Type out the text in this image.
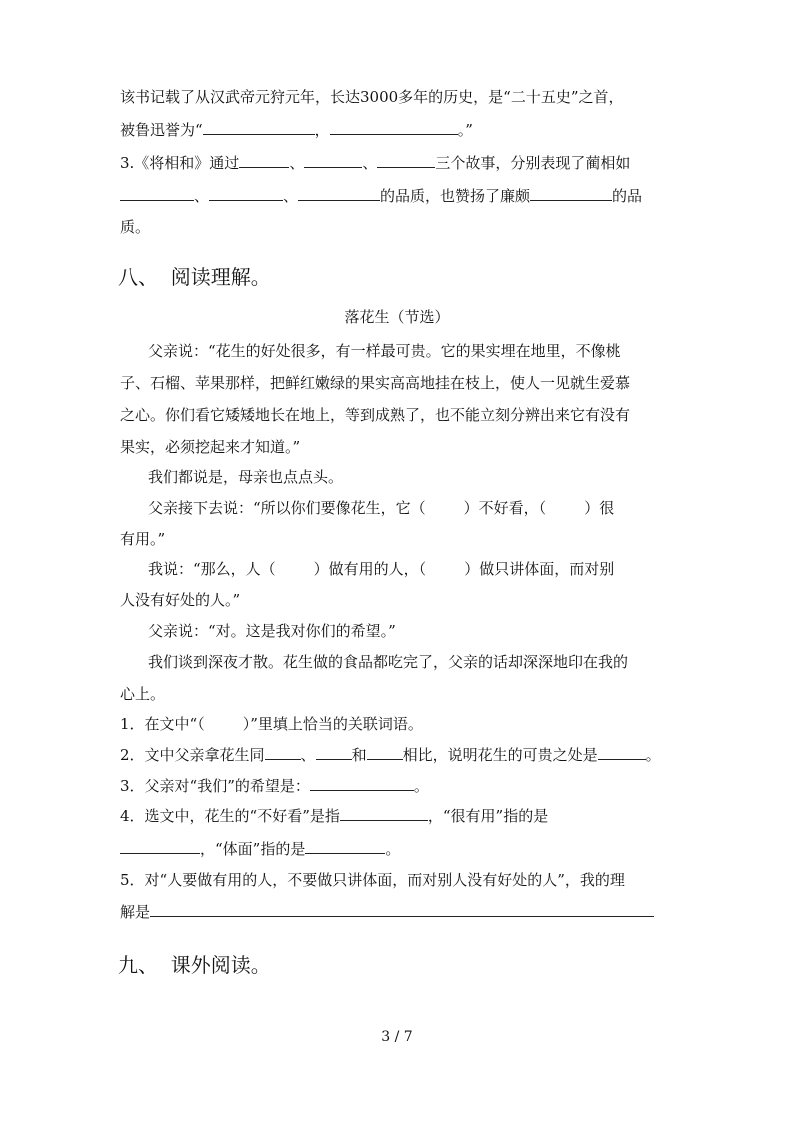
该书记载了从汉武帝元狩元年，长达3000多年的历史，是“二十五史”之首，
被鲁迅誉为“	，	。”
3.《将相和》通过	、	、	三个故事，分别表现了蔺相如
、	、	的品质，也赞扬了廉颇	的品
质。
八、 阅读理解。
落花生（节选）
父亲说：“花生的好处很多，有一样最可贵。它的果实埋在地里，不像桃
子、石榴、苹果那样，把鲜红嫩绿的果实高高地挂在枝上，使人一见就生爱慕
之心。你们看它矮矮地长在地上，等到成熟了，也不能立刻分辨出来它有没有
果实，必须挖起来才知道。”
我们都说是，母亲也点点头。
父亲接下去说：“所以你们要像花生，它（	）不好看，（	）很
有用。”
我说：“那么，人（	）做有用的人，（	）做只讲体面，而对别
人没有好处的人。”
父亲说：“对。这是我对你们的希望。”
我们谈到深夜才散。花生做的食品都吃完了，父亲的话却深深地印在我的
心上。
1．在文中“（	）”里填上恰当的关联词语。
2．文中父亲拿花生同 、 和 相比，说明花生的可贵之处是	。
3．父亲对“我们”的希望是：	。
4．选文中，花生的“不好看”是指	，“很有用”指的是
，“体面”指的是	。
5．对“人要做有用的人，不要做只讲体面，而对别人没有好处的人”，我的理
解是
九、 课外阅读。
3 / 7
